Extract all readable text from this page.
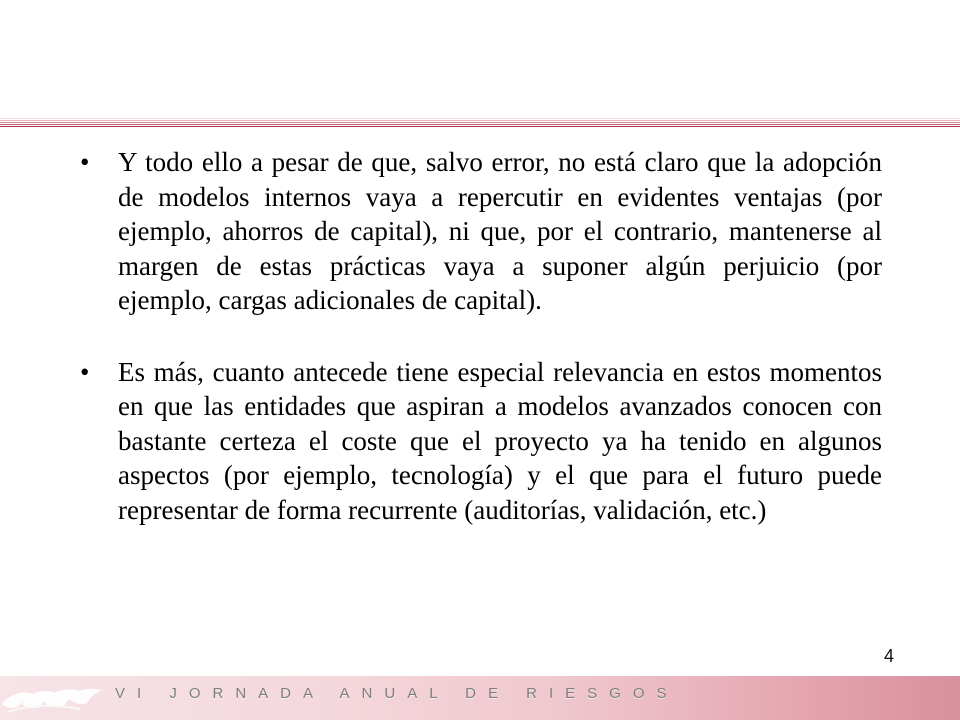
•	Y todo ello a pesar de que, salvo error, no está claro que la adopción de modelos internos vaya a repercutir en evidentes ventajas (por ejemplo, ahorros de capital), ni que, por el contrario, mantenerse al margen de estas prácticas vaya a suponer algún perjuicio (por ejemplo, cargas adicionales de capital).
•	Es más, cuanto antecede tiene especial relevancia en estos momentos en que las entidades que aspiran a modelos avanzados conocen con bastante certeza el coste que el proyecto ya ha tenido en algunos aspectos (por ejemplo, tecnología) y el que para el futuro puede representar de forma recurrente (auditorías, validación, etc.)
4
VI JORNADA ANUAL DE RIESGOS
